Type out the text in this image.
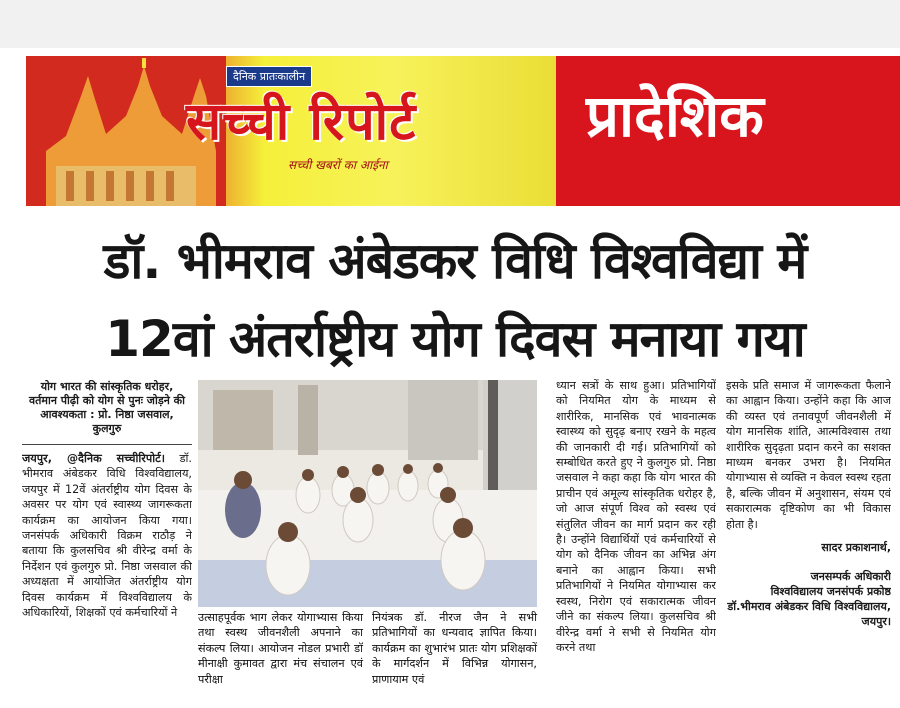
दैनिक प्रातःकालीन
सच्ची रिपोर्ट
सच्ची खबरों का आईना
प्रादेशिक
डॉ. भीमराव अंबेडकर विधि विश्वविद्या में
12वां अंतर्राष्ट्रीय योग दिवस मनाया गया
योग भारत की सांस्कृतिक धरोहर, वर्तमान पीढ़ी को योग से पुनः जोड़ने की आवश्यकता : प्रो. निष्ठा जसवाल, कुलगुरु
जयपुर, @दैनिक सच्चीरिपोर्ट। डॉ. भीमराव अंबेडकर विधि विश्वविद्यालय, जयपुर में 12वें अंतर्राष्ट्रीय योग दिवस के अवसर पर योग एवं स्वास्थ्य जागरूकता कार्यक्रम का आयोजन किया गया। जनसंपर्क अधिकारी विक्रम राठौड़ ने बताया कि कुलसचिव श्री वीरेन्द्र वर्मा के निर्देशन एवं कुलगुरु प्रो. निष्ठा जसवाल की अध्यक्षता में आयोजित अंतर्राष्ट्रीय योग दिवस कार्यक्रम में विश्वविद्यालय के अधिकारियों, शिक्षकों एवं कर्मचारियों ने	उत्साहपूर्वक भाग लेकर योगाभ्यास किया तथा स्वस्थ जीवनशैली अपनाने का संकल्प लिया। आयोजन नोडल प्रभारी डॉ मीनाक्षी कुमावत द्वारा मंच संचालन एवं परीक्षा
नियंत्रक डॉ. नीरज जैन ने सभी प्रतिभागियों का धन्यवाद ज्ञापित किया। कार्यक्रम का शुभारंभ प्रातः योग प्रशिक्षकों के मार्गदर्शन में विभिन्न योगासन, प्राणायाम एवं
ध्यान सत्रों के साथ हुआ। प्रतिभागियों को नियमित योग के माध्यम से शारीरिक, मानसिक एवं भावनात्मक स्वास्थ्य को सुदृढ़ बनाए रखने के महत्व की जानकारी दी गई। प्रतिभागियों को सम्बोधित करते हुए ने कुलगुरु प्रो. निष्ठा जसवाल ने कहा कहा कि योग भारत की प्राचीन एवं अमूल्य सांस्कृतिक धरोहर है, जो आज संपूर्ण विश्व को स्वस्थ एवं संतुलित जीवन का मार्ग प्रदान कर रही है। उन्होंने विद्यार्थियों एवं कर्मचारियों से योग को दैनिक जीवन का अभिन्न अंग बनाने का आह्वान किया। सभी प्रतिभागियों ने नियमित योगाभ्यास कर स्वस्थ, निरोग एवं सकारात्मक जीवन जीने का संकल्प लिया। कुलसचिव श्री वीरेन्द्र वर्मा ने सभी से नियमित योग करने तथा
इसके प्रति समाज में जागरूकता फैलाने का आह्वान किया। उन्होंने कहा कि आज की व्यस्त एवं तनावपूर्ण जीवनशैली में योग मानसिक शांति, आत्मविश्वास तथा शारीरिक सुदृढ़ता प्रदान करने का सशक्त माध्यम बनकर उभरा है। नियमित योगाभ्यास से व्यक्ति न केवल स्वस्थ रहता है, बल्कि जीवन में अनुशासन, संयम एवं सकारात्मक दृष्टिकोण का भी विकास होता है।
सादर प्रकाशनार्थ,
जनसम्पर्क अधिकारी
विश्वविद्यालय जनसंपर्क प्रकोष्ठ
डॉ.भीमराव अंबेडकर विधि विश्वविद्यालय, जयपुर।
